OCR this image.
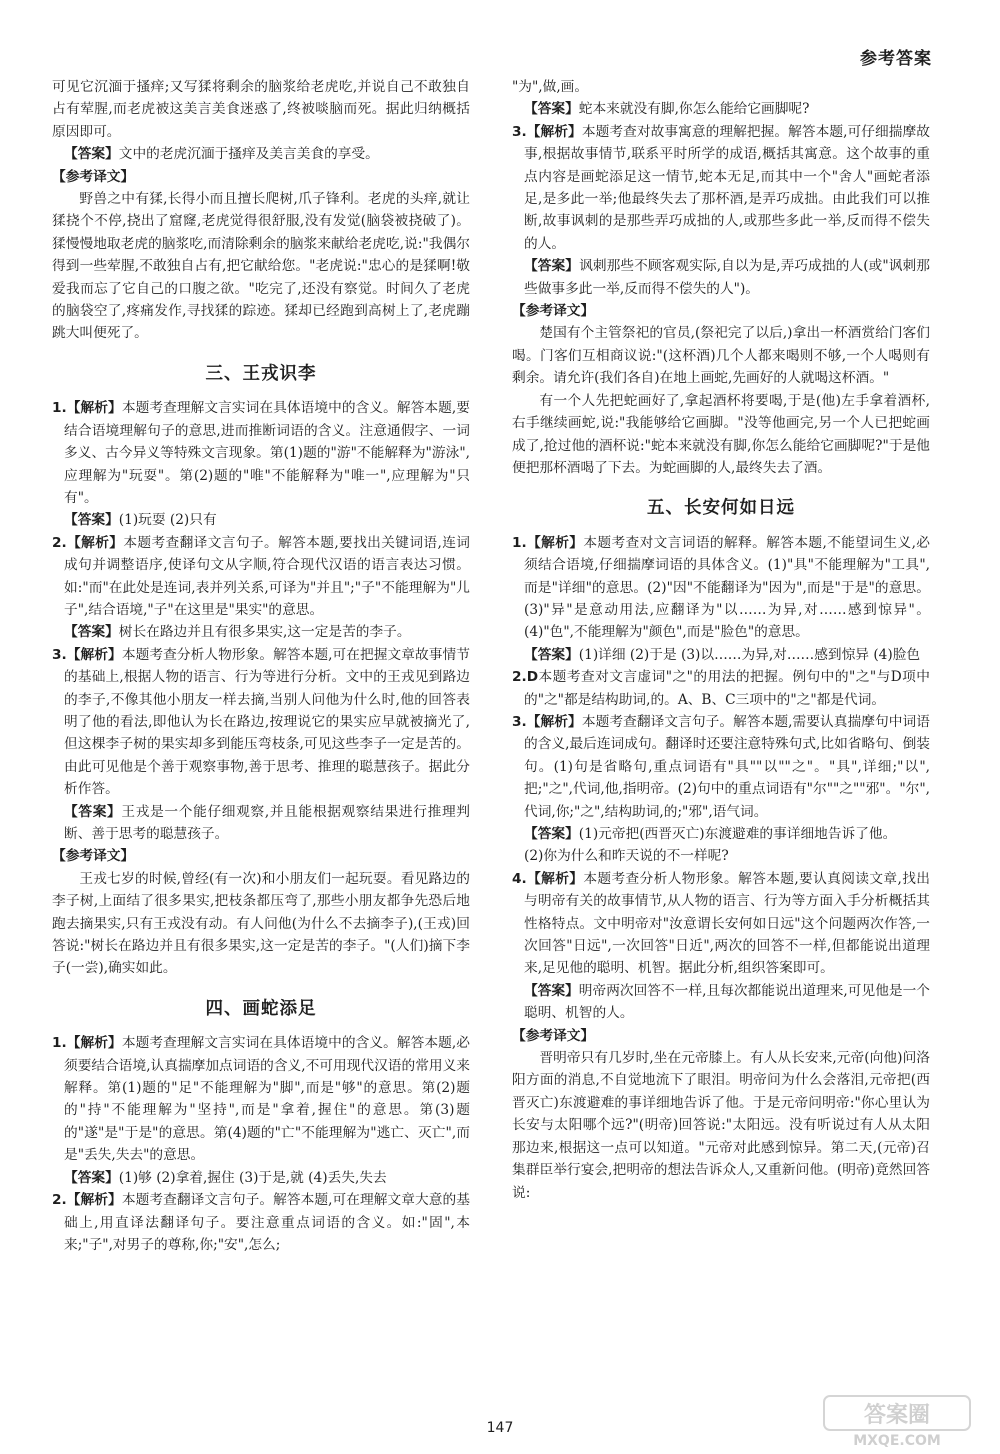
参考答案

可见它沉湎于搔痒;又写猱将剩余的脑浆给老虎吃,并说自己不敢独自占有荤腥,而老虎被这美言美食迷惑了,终被啖脑而死。据此归纳概括原因即可。

【答案】文中的老虎沉湎于搔痒及美言美食的享受。

【参考译文】

野兽之中有猱,长得小而且擅长爬树,爪子锋利。老虎的头痒,就让猱挠个不停,挠出了窟窿,老虎觉得很舒服,没有发觉(脑袋被挠破了)。猱慢慢地取老虎的脑浆吃,而清除剩余的脑浆来献给老虎吃,说:"我偶尔得到一些荤腥,不敢独自占有,把它献给您。"老虎说:"忠心的是猱啊!敬爱我而忘了它自己的口腹之欲。"吃完了,还没有察觉。时间久了老虎的脑袋空了,疼痛发作,寻找猱的踪迹。猱却已经跑到高树上了,老虎蹦跳大叫便死了。

三、王戎识李

1.【解析】本题考查理解文言实词在具体语境中的含义。解答本题,要结合语境理解句子的意思,进而推断词语的含义。注意通假字、一词多义、古今异义等特殊文言现象。第(1)题的"游"不能解释为"游泳",应理解为"玩耍"。第(2)题的"唯"不能解释为"唯一",应理解为"只有"。

【答案】(1)玩耍 (2)只有

2.【解析】本题考查翻译文言句子。解答本题,要找出关键词语,连词成句并调整语序,使译句文从字顺,符合现代汉语的语言表达习惯。如:"而"在此处是连词,表并列关系,可译为"并且";"子"不能理解为"儿子",结合语境,"子"在这里是"果实"的意思。

【答案】树长在路边并且有很多果实,这一定是苦的李子。

3.【解析】本题考查分析人物形象。解答本题,可在把握文章故事情节的基础上,根据人物的语言、行为等进行分析。文中的王戎见到路边的李子,不像其他小朋友一样去摘,当别人问他为什么时,他的回答表明了他的看法,即他认为长在路边,按理说它的果实应早就被摘光了,但这棵李子树的果实却多到能压弯枝条,可见这些李子一定是苦的。由此可见他是个善于观察事物,善于思考、推理的聪慧孩子。据此分析作答。

【答案】王戎是一个能仔细观察,并且能根据观察结果进行推理判断、善于思考的聪慧孩子。

【参考译文】

王戎七岁的时候,曾经(有一次)和小朋友们一起玩耍。看见路边的李子树,上面结了很多果实,把枝条都压弯了,那些小朋友都争先恐后地跑去摘果实,只有王戎没有动。有人问他(为什么不去摘李子),(王戎)回答说:"树长在路边并且有很多果实,这一定是苦的李子。"(人们)摘下李子(一尝),确实如此。

四、画蛇添足

1.【解析】本题考查理解文言实词在具体语境中的含义。解答本题,必须要结合语境,认真揣摩加点词语的含义,不可用现代汉语的常用义来解释。第(1)题的"足"不能理解为"脚",而是"够"的意思。第(2)题的"持"不能理解为"坚持",而是"拿着,握住"的意思。第(3)题的"遂"是"于是"的意思。第(4)题的"亡"不能理解为"逃亡、灭亡",而是"丢失,失去"的意思。

【答案】(1)够 (2)拿着,握住 (3)于是,就 (4)丢失,失去

2.【解析】本题考查翻译文言句子。解答本题,可在理解文章大意的基础上,用直译法翻译句子。要注意重点词语的含义。如:"固",本来;"子",对男子的尊称,你;"安",怎么;

"为",做,画。

【答案】蛇本来就没有脚,你怎么能给它画脚呢?

3.【解析】本题考查对故事寓意的理解把握。解答本题,可仔细揣摩故事,根据故事情节,联系平时所学的成语,概括其寓意。这个故事的重点内容是画蛇添足这一情节,蛇本无足,而其中一个"舍人"画蛇者添足,是多此一举;他最终失去了那杯酒,是弄巧成拙。由此我们可以推断,故事讽刺的是那些弄巧成拙的人,或那些多此一举,反而得不偿失的人。

【答案】讽刺那些不顾客观实际,自以为是,弄巧成拙的人(或"讽刺那些做事多此一举,反而得不偿失的人")。

【参考译文】

楚国有个主管祭祀的官员,(祭祀完了以后,)拿出一杯酒赏给门客们喝。门客们互相商议说:"(这杯酒)几个人都来喝则不够,一个人喝则有剩余。请允许(我们各自)在地上画蛇,先画好的人就喝这杯酒。"

有一个人先把蛇画好了,拿起酒杯将要喝,于是(他)左手拿着酒杯,右手继续画蛇,说:"我能够给它画脚。"没等他画完,另一个人已把蛇画成了,抢过他的酒杯说:"蛇本来就没有脚,你怎么能给它画脚呢?"于是他便把那杯酒喝了下去。为蛇画脚的人,最终失去了酒。

五、长安何如日远

1.【解析】本题考查对文言词语的解释。解答本题,不能望词生义,必须结合语境,仔细揣摩词语的具体含义。(1)"具"不能理解为"工具",而是"详细"的意思。(2)"因"不能翻译为"因为",而是"于是"的意思。(3)"异"是意动用法,应翻译为"以……为异,对……感到惊异"。(4)"色",不能理解为"颜色",而是"脸色"的意思。

【答案】(1)详细 (2)于是 (3)以……为异,对……感到惊异 (4)脸色

2.D本题考查对文言虚词"之"的用法的把握。例句中的"之"与D项中的"之"都是结构助词,的。A、B、C三项中的"之"都是代词。

3.【解析】本题考查翻译文言句子。解答本题,需要认真揣摩句中词语的含义,最后连词成句。翻译时还要注意特殊句式,比如省略句、倒装句。(1)句是省略句,重点词语有"具""以""之"。"具",详细;"以",把;"之",代词,他,指明帝。(2)句中的重点词语有"尔""之""邪"。"尔",代词,你;"之",结构助词,的;"邪",语气词。

【答案】(1)元帝把(西晋灭亡)东渡避难的事详细地告诉了他。

(2)你为什么和昨天说的不一样呢?

4.【解析】本题考查分析人物形象。解答本题,要认真阅读文章,找出与明帝有关的故事情节,从人物的语言、行为等方面入手分析概括其性格特点。文中明帝对"汝意谓长安何如日远"这个问题两次作答,一次回答"日远",一次回答"日近",两次的回答不一样,但都能说出道理来,足见他的聪明、机智。据此分析,组织答案即可。

【答案】明帝两次回答不一样,且每次都能说出道理来,可见他是一个聪明、机智的人。

【参考译文】

晋明帝只有几岁时,坐在元帝膝上。有人从长安来,元帝(向他)问洛阳方面的消息,不自觉地流下了眼泪。明帝问为什么会落泪,元帝把(西晋灭亡)东渡避难的事详细地告诉了他。于是元帝问明帝:"你心里认为长安与太阳哪个远?"(明帝)回答说:"太阳远。没有听说过有人从太阳那边来,根据这一点可以知道。"元帝对此感到惊异。第二天,(元帝)召集群臣举行宴会,把明帝的想法告诉众人,又重新问他。(明帝)竟然回答说:

147	答案圈
MXQE.COM
